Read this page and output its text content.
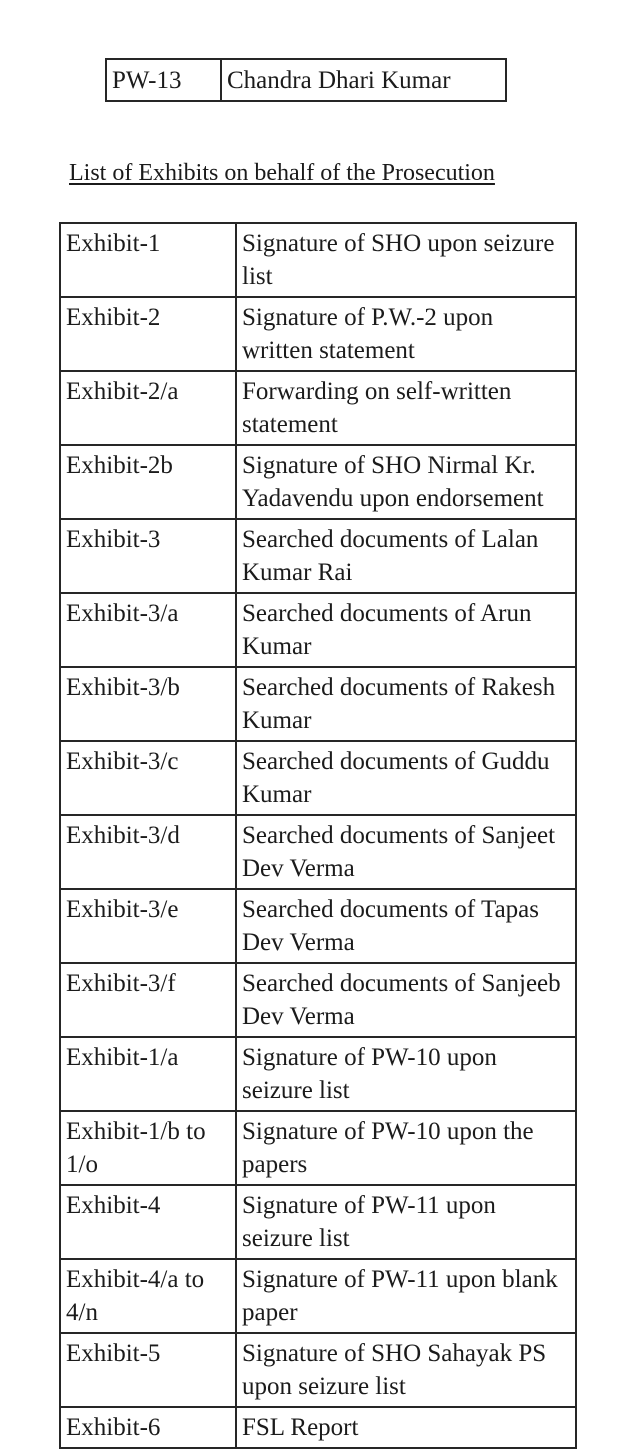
PW-13	Chandra Dhari Kumar
List of Exhibits on behalf of the Prosecution
Exhibit-1	Signature of SHO upon seizure list
Exhibit-2	Signature of P.W.-2 upon written statement
Exhibit-2/a	Forwarding on self-written statement
Exhibit-2b	Signature of SHO Nirmal Kr. Yadavendu upon endorsement
Exhibit-3	Searched documents of Lalan Kumar Rai
Exhibit-3/a	Searched documents of Arun Kumar
Exhibit-3/b	Searched documents of Rakesh Kumar
Exhibit-3/c	Searched documents of Guddu Kumar
Exhibit-3/d	Searched documents of Sanjeet Dev Verma
Exhibit-3/e	Searched documents of Tapas Dev Verma
Exhibit-3/f	Searched documents of Sanjeeb Dev Verma
Exhibit-1/a	Signature of PW-10 upon seizure list
Exhibit-1/b to 1/o	Signature of PW-10 upon the papers
Exhibit-4	Signature of PW-11 upon seizure list
Exhibit-4/a to 4/n	Signature of PW-11 upon blank paper
Exhibit-5	Signature of SHO Sahayak PS upon seizure list
Exhibit-6	FSL Report
